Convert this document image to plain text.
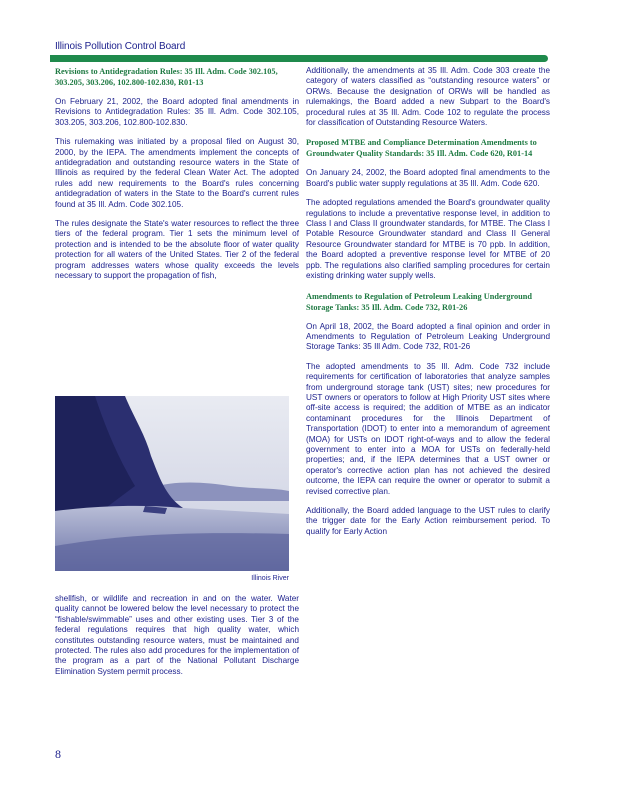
Illinois Pollution Control Board
Revisions to Antidegradation Rules: 35 Ill. Adm. Code 302.105, 303.205, 303.206, 102.800-102.830, R01-13

On February 21, 2002, the Board adopted final amendments in Revisions to Antidegradation Rules: 35 Ill. Adm. Code 302.105, 303.205, 303.206, 102.800-102.830.

This rulemaking was initiated by a proposal filed on August 30, 2000, by the IEPA. The amendments implement the concepts of antidegradation and outstanding resource waters in the State of Illinois as required by the federal Clean Water Act. The adopted rules add new requirements to the Board's rules concerning antidegradation of waters in the State to the Board's current rules found at 35 Ill. Adm. Code 302.105.

The rules designate the State's water resources to reflect the three tiers of the federal program. Tier 1 sets the minimum level of protection and is intended to be the absolute floor of water quality protection for all waters of the United States. Tier 2 of the federal program addresses waters whose quality exceeds the levels necessary to support the propagation of fish,

Illinois River

shellfish, or wildlife and recreation in and on the water. Water quality cannot be lowered below the level necessary to protect the “fishable/swimmable” uses and other existing uses. Tier 3 of the federal regulations requires that high quality water, which constitutes outstanding resource waters, must be maintained and protected. The rules also add procedures for the implementation of the program as a part of the National Pollutant Discharge Elimination System permit process.

Additionally, the amendments at 35 Ill. Adm. Code 303 create the category of waters classified as “outstanding resource waters” or ORWs. Because the designation of ORWs will be handled as rulemakings, the Board added a new Subpart to the Board's procedural rules at 35 Ill. Adm. Code 102 to regulate the process for classification of Outstanding Resource Waters.

Proposed MTBE and Compliance Determination Amendments to Groundwater Quality Standards: 35 Ill. Adm. Code 620, R01-14

On January 24, 2002, the Board adopted final amendments to the Board's public water supply regulations at 35 Ill. Adm. Code 620.

The adopted regulations amended the Board's groundwater quality regulations to include a preventative response level, in addition to Class I and Class II groundwater standards, for MTBE. The Class I Potable Resource Groundwater standard and Class II General Resource Groundwater standard for MTBE is 70 ppb. In addition, the Board adopted a preventive response level for MTBE of 20 ppb. The regulations also clarified sampling procedures for certain existing drinking water supply wells.

Amendments to Regulation of Petroleum Leaking Underground Storage Tanks: 35 Ill. Adm. Code 732, R01-26

On April 18, 2002, the Board adopted a final opinion and order in Amendments to Regulation of Petroleum Leaking Underground Storage Tanks: 35 Ill Adm. Code 732, R01-26

The adopted amendments to 35 Ill. Adm. Code 732 include requirements for certification of laboratories that analyze samples from underground storage tank (UST) sites; new procedures for UST owners or operators to follow at High Priority UST sites where off-site access is required; the addition of MTBE as an indicator contaminant procedures for the Illinois Department of Transportation (IDOT) to enter into a memorandum of agreement (MOA) for USTs on IDOT right-of-ways and to allow the federal government to enter into a MOA for USTs on federally-held properties; and, if the IEPA determines that a UST owner or operator's corrective action plan has not achieved the desired outcome, the IEPA can require the owner or operator to submit a revised corrective plan.

Additionally, the Board added language to the UST rules to clarify the trigger date for the Early Action reimbursement period. To qualify for Early Action

8
